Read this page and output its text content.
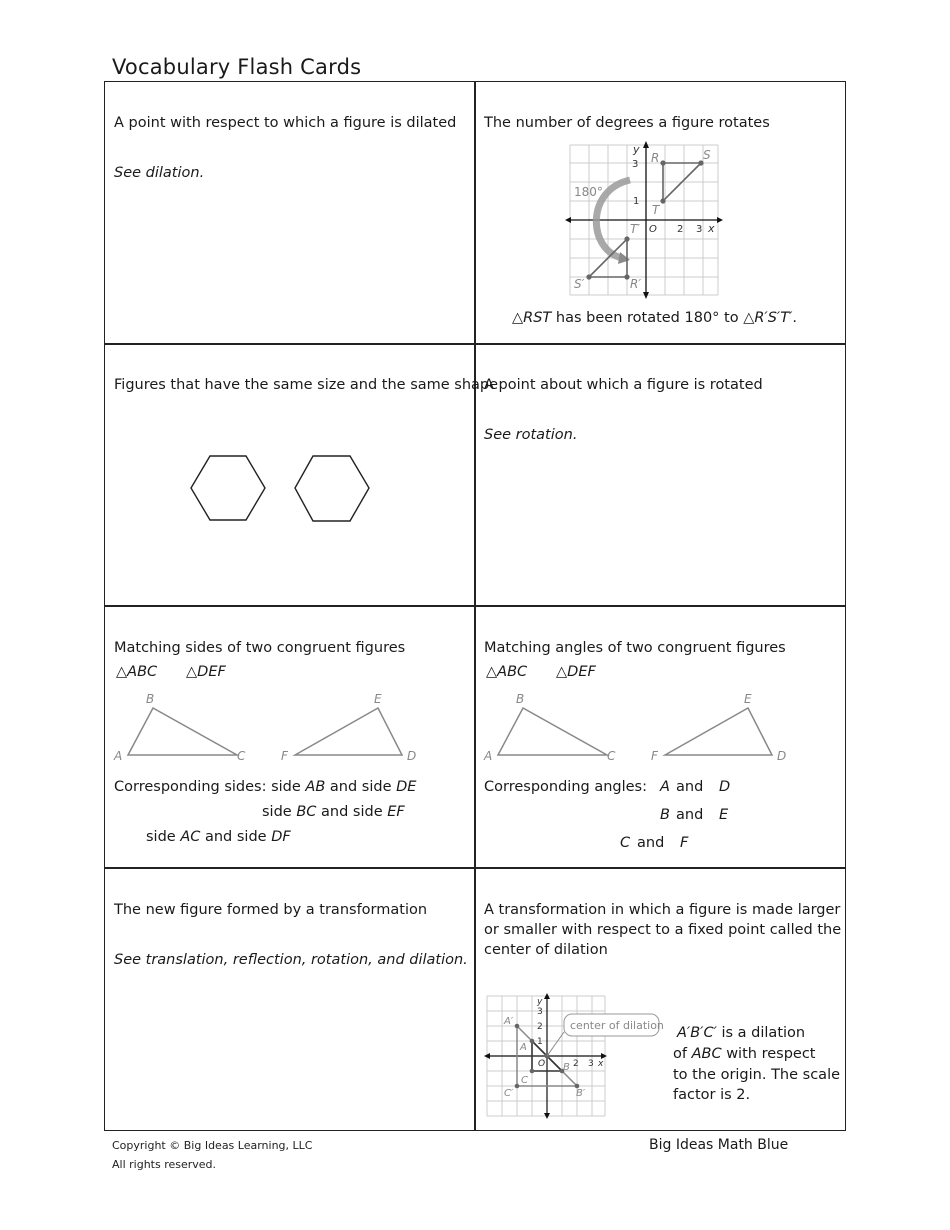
Vocabulary Flash Cards
A point with respect to which a figure is dilated
See dilation.
The number of degrees a figure rotates
y
3
1
O 2 3 x
180°
R	S
T
T′
R′
S′
△RST has been rotated 180° to △R′S′T′.
Figures that have the same size and the same shape
A point about which a figure is rotated
See rotation.
Matching sides of two congruent figures
△ABC △DEF
A
B
C	D
E
F
Corresponding sides: side AB and side DE
side BC and side EF
side AC and side DF
Matching angles of two congruent figures
△ABC △DEF
A
B
C	D
E
F
Corresponding angles: A and D
B and E
C and F
The new figure formed by a transformation
See translation, reflection, rotation, and dilation.
A transformation in which a figure is made larger
or smaller with respect to a fixed point called the
center of dilation
center of dilation
y
3
2
1
O	2 3 x
A′
A
C
B
C′	B′
A′B′C′ is a dilation
of ABC with respect
to the origin. The scale
factor is 2.
Copyright © Big Ideas Learning, LLC
All rights reserved.
Big Ideas Math Blue
